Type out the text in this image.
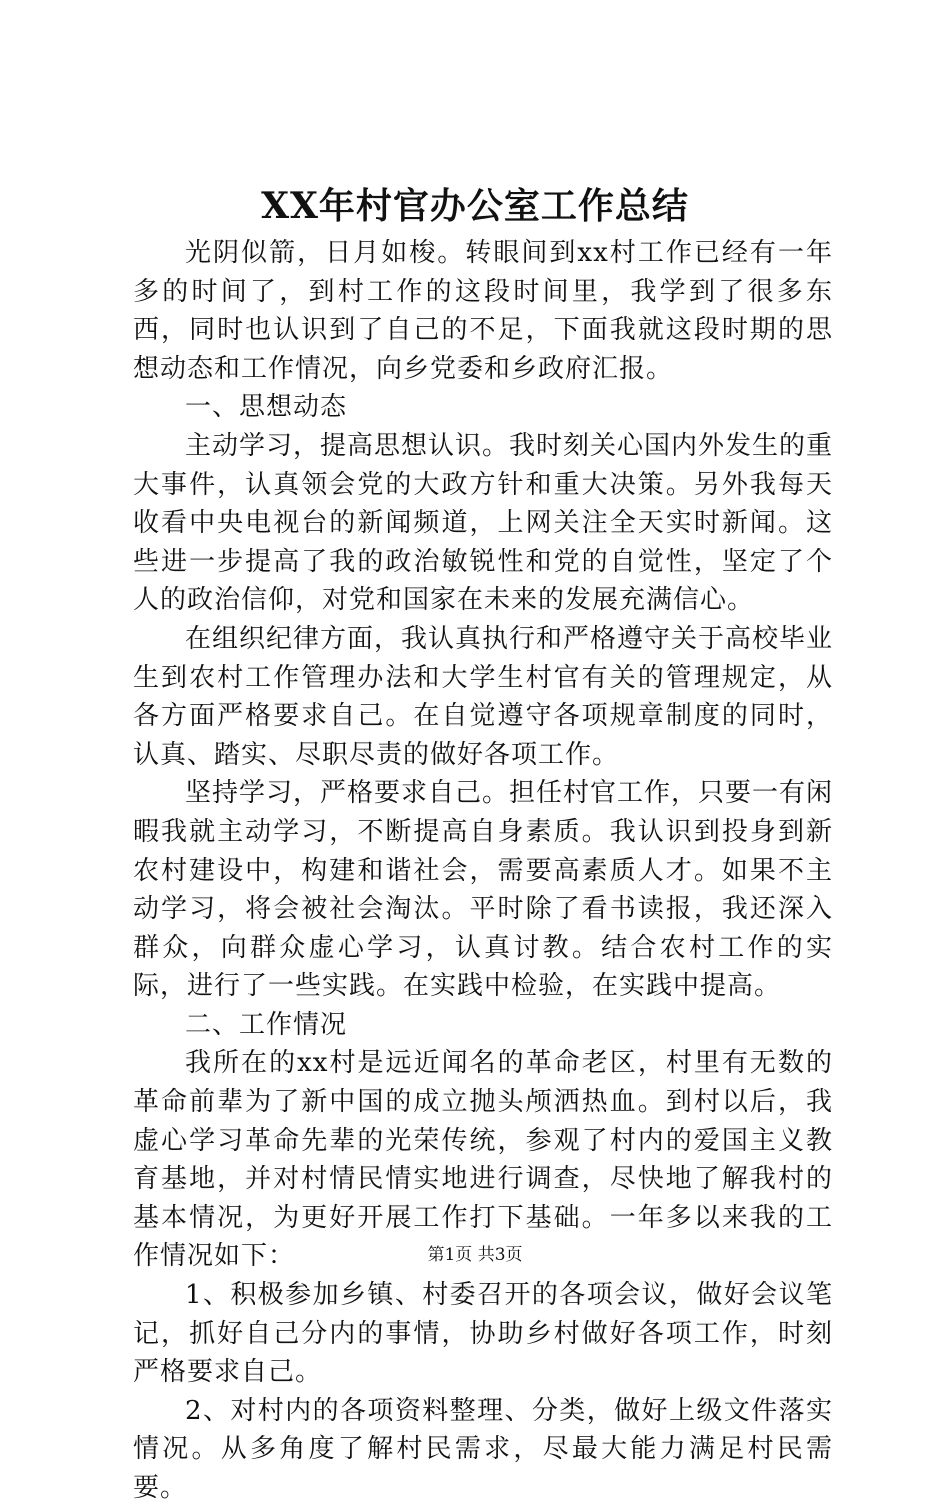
XX年村官办公室工作总结

光阴似箭，日月如梭。转眼间到xx村工作已经有一年多的时间了，到村工作的这段时间里，我学到了很多东西，同时也认识到了自己的不足，下面我就这段时期的思想动态和工作情况，向乡党委和乡政府汇报。

一、思想动态

主动学习，提高思想认识。我时刻关心国内外发生的重大事件，认真领会党的大政方针和重大决策。另外我每天收看中央电视台的新闻频道，上网关注全天实时新闻。这些进一步提高了我的政治敏锐性和党的自觉性，坚定了个人的政治信仰，对党和国家在未来的发展充满信心。

在组织纪律方面，我认真执行和严格遵守关于高校毕业生到农村工作管理办法和大学生村官有关的管理规定，从各方面严格要求自己。在自觉遵守各项规章制度的同时，认真、踏实、尽职尽责的做好各项工作。

坚持学习，严格要求自己。担任村官工作，只要一有闲暇我就主动学习，不断提高自身素质。我认识到投身到新农村建设中，构建和谐社会，需要高素质人才。如果不主动学习，将会被社会淘汰。平时除了看书读报，我还深入群众，向群众虚心学习，认真讨教。结合农村工作的实际，进行了一些实践。在实践中检验，在实践中提高。

二、工作情况

我所在的xx村是远近闻名的革命老区，村里有无数的革命前辈为了新中国的成立抛头颅洒热血。到村以后，我虚心学习革命先辈的光荣传统，参观了村内的爱国主义教育基地，并对村情民情实地进行调查，尽快地了解我村的基本情况，为更好开展工作打下基础。一年多以来我的工作情况如下：

1、积极参加乡镇、村委召开的各项会议，做好会议笔记，抓好自己分内的事情，协助乡村做好各项工作，时刻严格要求自己。

2、对村内的各项资料整理、分类，做好上级文件落实情况。从多角度了解村民需求，尽最大能力满足村民需要。

第1页 共3页
